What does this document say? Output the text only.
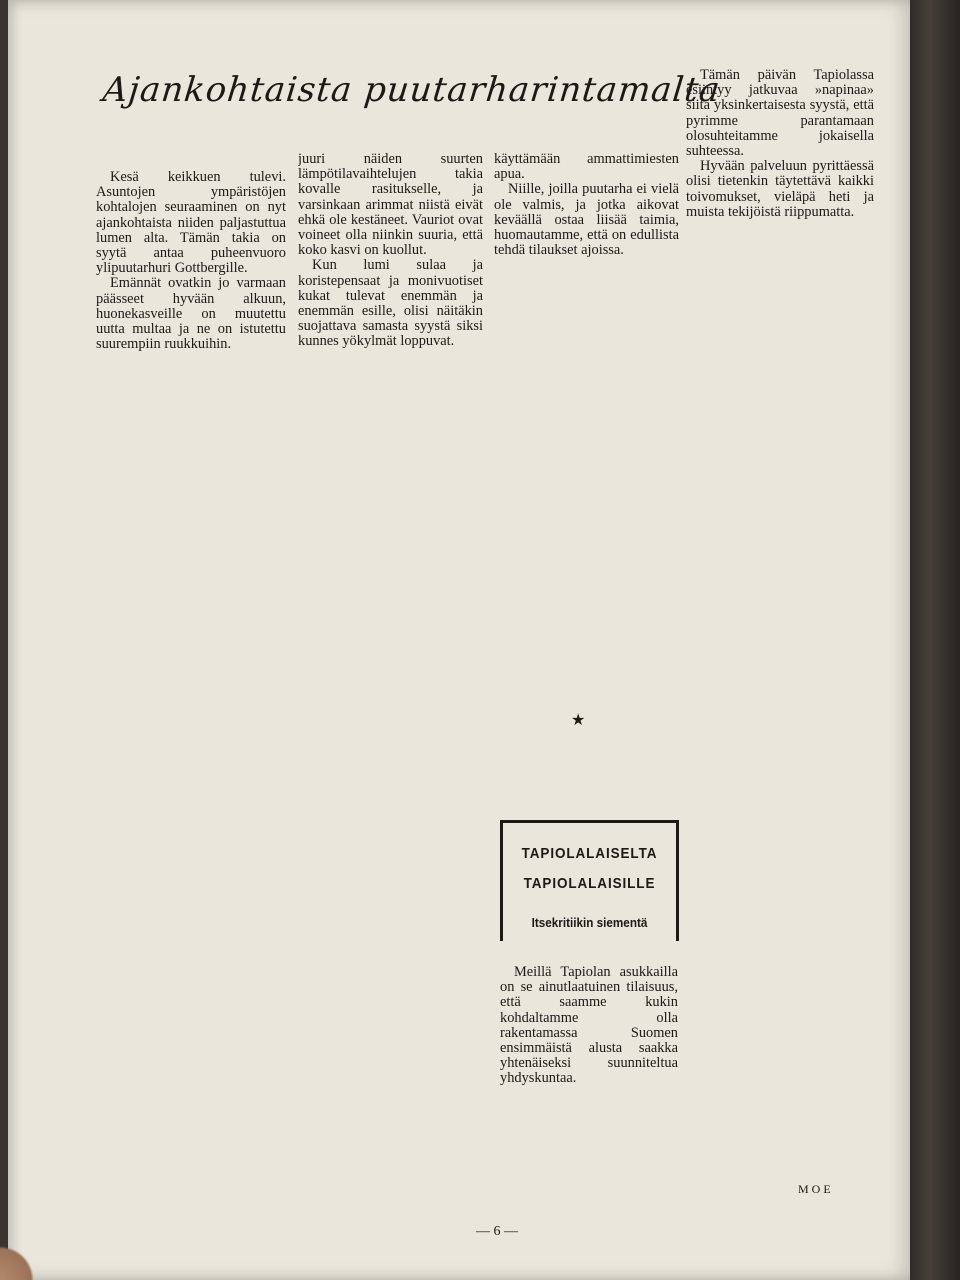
Ajankohtaista puutarharintamalta

Kesä keikkuen tulevi. Asuntojen ympäristöjen kohtalojen seuraaminen on nyt ajankohtaista niiden paljastuttua lumen alta. Tämän takia on syytä antaa puheenvuoro ylipuutarhuri Gottbergille.

Emännät ovatkin jo varmaan päässeet hyvään alkuun, huonekasveille on muutettu uutta multaa ja ne on istutettu suurempiin ruukkuihin.

juuri näiden suurten lämpötilavaihtelujen takia kovalle rasitukselle, ja varsinkaan arimmat niistä eivät ehkä ole kestäneet. Vauriot ovat voineet olla niinkin suuria, että koko kasvi on kuollut.

Kun lumi sulaa ja koristepensaat ja monivuotiset kukat tulevat enemmän ja enemmän esille, olisi näitäkin suojattava samasta syystä siksi kunnes yökylmät loppuvat.

käyttämään ammattimiesten apua.

Niille, joilla puutarha ei vielä ole valmis, ja jotka aikovat keväällä ostaa liisää taimia, huomautamme, että on edullista tehdä tilaukset ajoissa.

★
TAPIOLALAISELTA
TAPIOLALAISILLE
Itsekritiikin siementä

Meillä Tapiolan asukkailla on se ainutlaatuinen tilaisuus, että saamme kukin kohdaltamme olla rakentamassa Suomen ensimmäistä alusta saakka yhtenäiseksi suunniteltua yhdyskuntaa.

Tämän päivän Tapiolassa esiintyy jatkuvaa »napinaa» siitä yksinkertaisesta syystä, että pyrimme parantamaan olosuhteitamme jokaisella suhteessa.

Hyvään palveluun pyrittäessä olisi tietenkin täytettävä kaikki toivomukset, vieläpä heti ja muista tekijöistä riippumatta.

MOE
— 6 —
